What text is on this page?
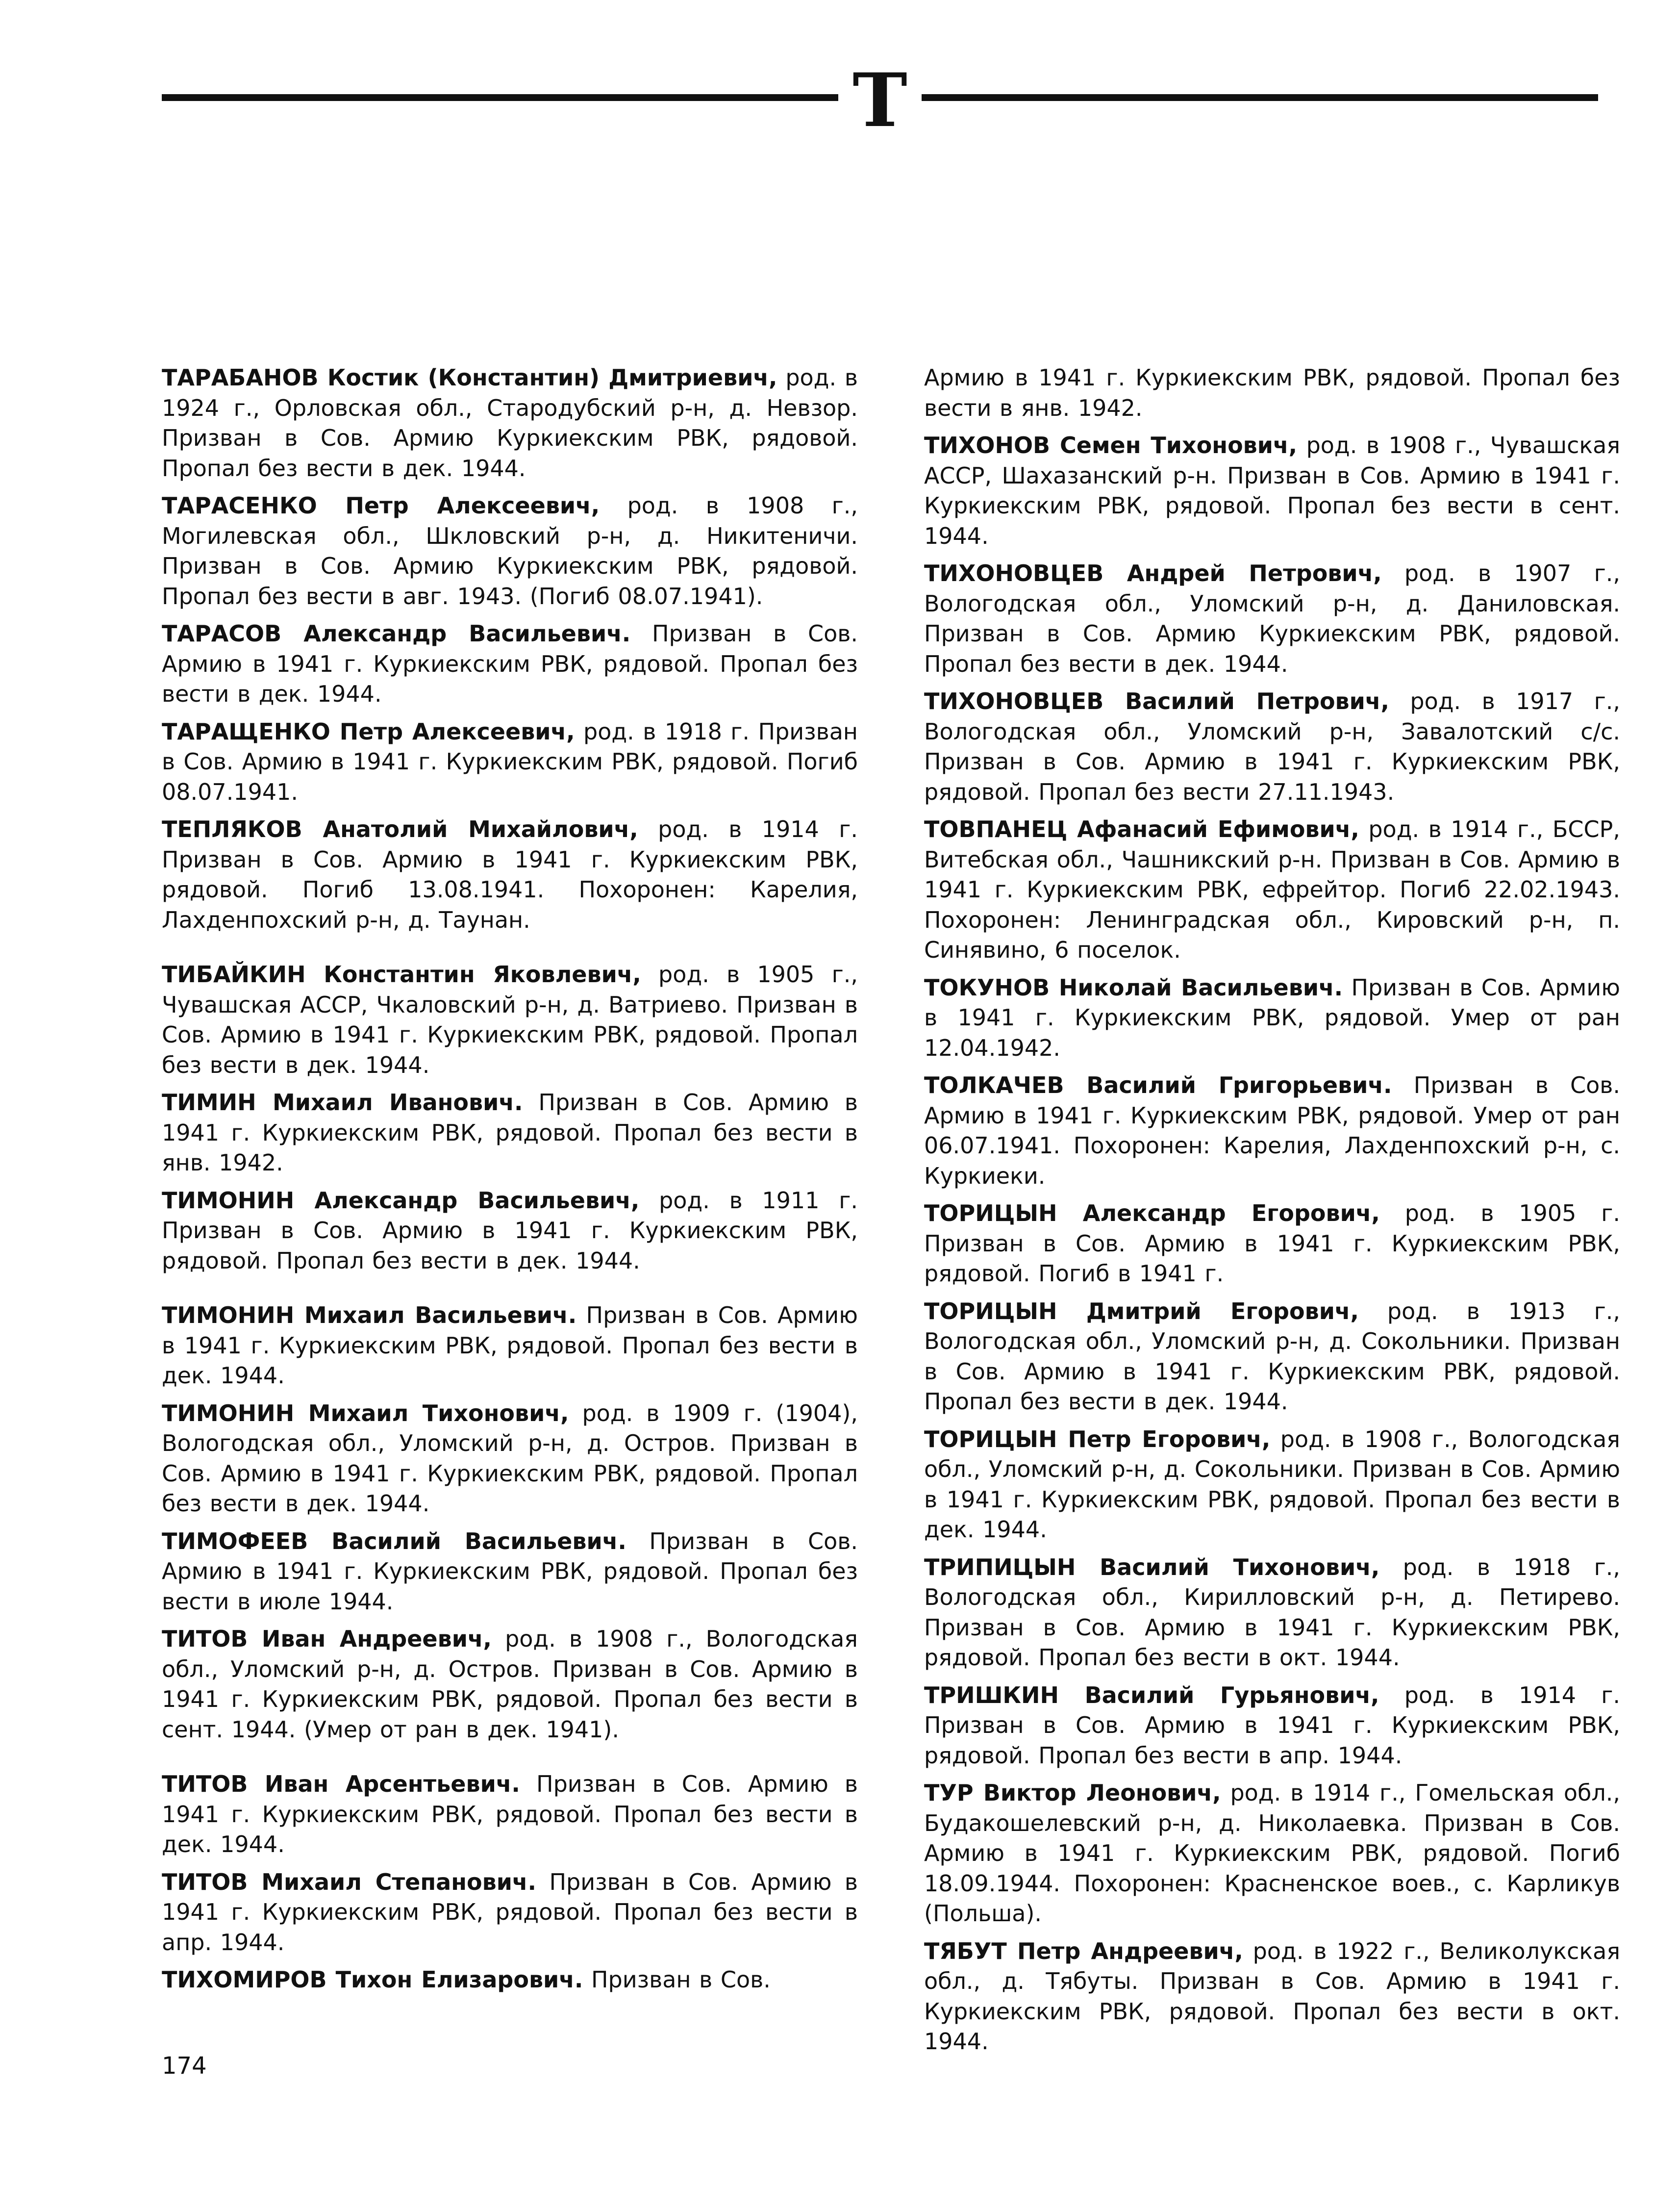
Т

ТАРАБАНОВ Костик (Константин) Дмитриевич, род. в 1924 г., Орловская обл., Стародубский р-н, д. Невзор. Призван в Сов. Армию Куркиекским РВК, рядовой. Пропал без вести в дек. 1944.

ТАРАСЕНКО Петр Алексеевич, род. в 1908 г., Могилевская обл., Шкловский р-н, д. Никитеничи. Призван в Сов. Армию Куркиекским РВК, рядовой. Пропал без вести в авг. 1943. (Погиб 08.07.1941).

ТАРАСОВ Александр Васильевич. Призван в Сов. Армию в 1941 г. Куркиекским РВК, рядовой. Пропал без вести в дек. 1944.

ТАРАЩЕНКО Петр Алексеевич, род. в 1918 г. Призван в Сов. Армию в 1941 г. Куркиекским РВК, рядовой. Погиб 08.07.1941.

ТЕПЛЯКОВ Анатолий Михайлович, род. в 1914 г. Призван в Сов. Армию в 1941 г. Куркиекским РВК, рядовой. Погиб 13.08.1941. Похоронен: Карелия, Лахденпохский р-н, д. Таунан.

ТИБАЙКИН Константин Яковлевич, род. в 1905 г., Чувашская АССР, Чкаловский р-н, д. Ватриево. Призван в Сов. Армию в 1941 г. Куркиекским РВК, рядовой. Пропал без вести в дек. 1944.

ТИМИН Михаил Иванович. Призван в Сов. Армию в 1941 г. Куркиекским РВК, рядовой. Пропал без вести в янв. 1942.

ТИМОНИН Александр Васильевич, род. в 1911 г. Призван в Сов. Армию в 1941 г. Куркиекским РВК, рядовой. Пропал без вести в дек. 1944.

ТИМОНИН Михаил Васильевич. Призван в Сов. Армию в 1941 г. Куркиекским РВК, рядовой. Пропал без вести в дек. 1944.

ТИМОНИН Михаил Тихонович, род. в 1909 г. (1904), Вологодская обл., Уломский р-н, д. Остров. Призван в Сов. Армию в 1941 г. Куркиекским РВК, рядовой. Пропал без вести в дек. 1944.

ТИМОФЕЕВ Василий Васильевич. Призван в Сов. Армию в 1941 г. Куркиекским РВК, рядовой. Пропал без вести в июле 1944.

ТИТОВ Иван Андреевич, род. в 1908 г., Вологодская обл., Уломский р-н, д. Остров. Призван в Сов. Армию в 1941 г. Куркиекским РВК, рядовой. Пропал без вести в сент. 1944. (Умер от ран в дек. 1941).

ТИТОВ Иван Арсентьевич. Призван в Сов. Армию в 1941 г. Куркиекским РВК, рядовой. Пропал без вести в дек. 1944.

ТИТОВ Михаил Степанович. Призван в Сов. Армию в 1941 г. Куркиекским РВК, рядовой. Пропал без вести в апр. 1944.

ТИХОМИРОВ Тихон Елизарович. Призван в Сов.

Армию в 1941 г. Куркиекским РВК, рядовой. Пропал без вести в янв. 1942.

ТИХОНОВ Семен Тихонович, род. в 1908 г., Чувашская АССР, Шахазанский р-н. Призван в Сов. Армию в 1941 г. Куркиекским РВК, рядовой. Пропал без вести в сент. 1944.

ТИХОНОВЦЕВ Андрей Петрович, род. в 1907 г., Вологодская обл., Уломский р-н, д. Даниловская. Призван в Сов. Армию Куркиекским РВК, рядовой. Пропал без вести в дек. 1944.

ТИХОНОВЦЕВ Василий Петрович, род. в 1917 г., Вологодская обл., Уломский р-н, Завалотский с/с. Призван в Сов. Армию в 1941 г. Куркиекским РВК, рядовой. Пропал без вести 27.11.1943.

ТОВПАНЕЦ Афанасий Ефимович, род. в 1914 г., БССР, Витебская обл., Чашникский р-н. Призван в Сов. Армию в 1941 г. Куркиекским РВК, ефрейтор. Погиб 22.02.1943. Похоронен: Ленинградская обл., Кировский р-н, п. Синявино, 6 поселок.

ТОКУНОВ Николай Васильевич. Призван в Сов. Армию в 1941 г. Куркиекским РВК, рядовой. Умер от ран 12.04.1942.

ТОЛКАЧЕВ Василий Григорьевич. Призван в Сов. Армию в 1941 г. Куркиекским РВК, рядовой. Умер от ран 06.07.1941. Похоронен: Карелия, Лахденпохский р-н, с. Куркиеки.

ТОРИЦЫН Александр Егорович, род. в 1905 г. Призван в Сов. Армию в 1941 г. Куркиекским РВК, рядовой. Погиб в 1941 г.

ТОРИЦЫН Дмитрий Егорович, род. в 1913 г., Вологодская обл., Уломский р-н, д. Сокольники. Призван в Сов. Армию в 1941 г. Куркиекским РВК, рядовой. Пропал без вести в дек. 1944.

ТОРИЦЫН Петр Егорович, род. в 1908 г., Вологодская обл., Уломский р-н, д. Сокольники. Призван в Сов. Армию в 1941 г. Куркиекским РВК, рядовой. Пропал без вести в дек. 1944.

ТРИПИЦЫН Василий Тихонович, род. в 1918 г., Вологодская обл., Кирилловский р-н, д. Петирево. Призван в Сов. Армию в 1941 г. Куркиекским РВК, рядовой. Пропал без вести в окт. 1944.

ТРИШКИН Василий Гурьянович, род. в 1914 г. Призван в Сов. Армию в 1941 г. Куркиекским РВК, рядовой. Пропал без вести в апр. 1944.

ТУР Виктор Леонович, род. в 1914 г., Гомельская обл., Будакошелевский р-н, д. Николаевка. Призван в Сов. Армию в 1941 г. Куркиекским РВК, рядовой. Погиб 18.09.1944. Похоронен: Красненское воев., с. Карликув (Польша).

ТЯБУТ Петр Андреевич, род. в 1922 г., Великолукская обл., д. Тябуты. Призван в Сов. Армию в 1941 г. Куркиекским РВК, рядовой. Пропал без вести в окт. 1944.

174
